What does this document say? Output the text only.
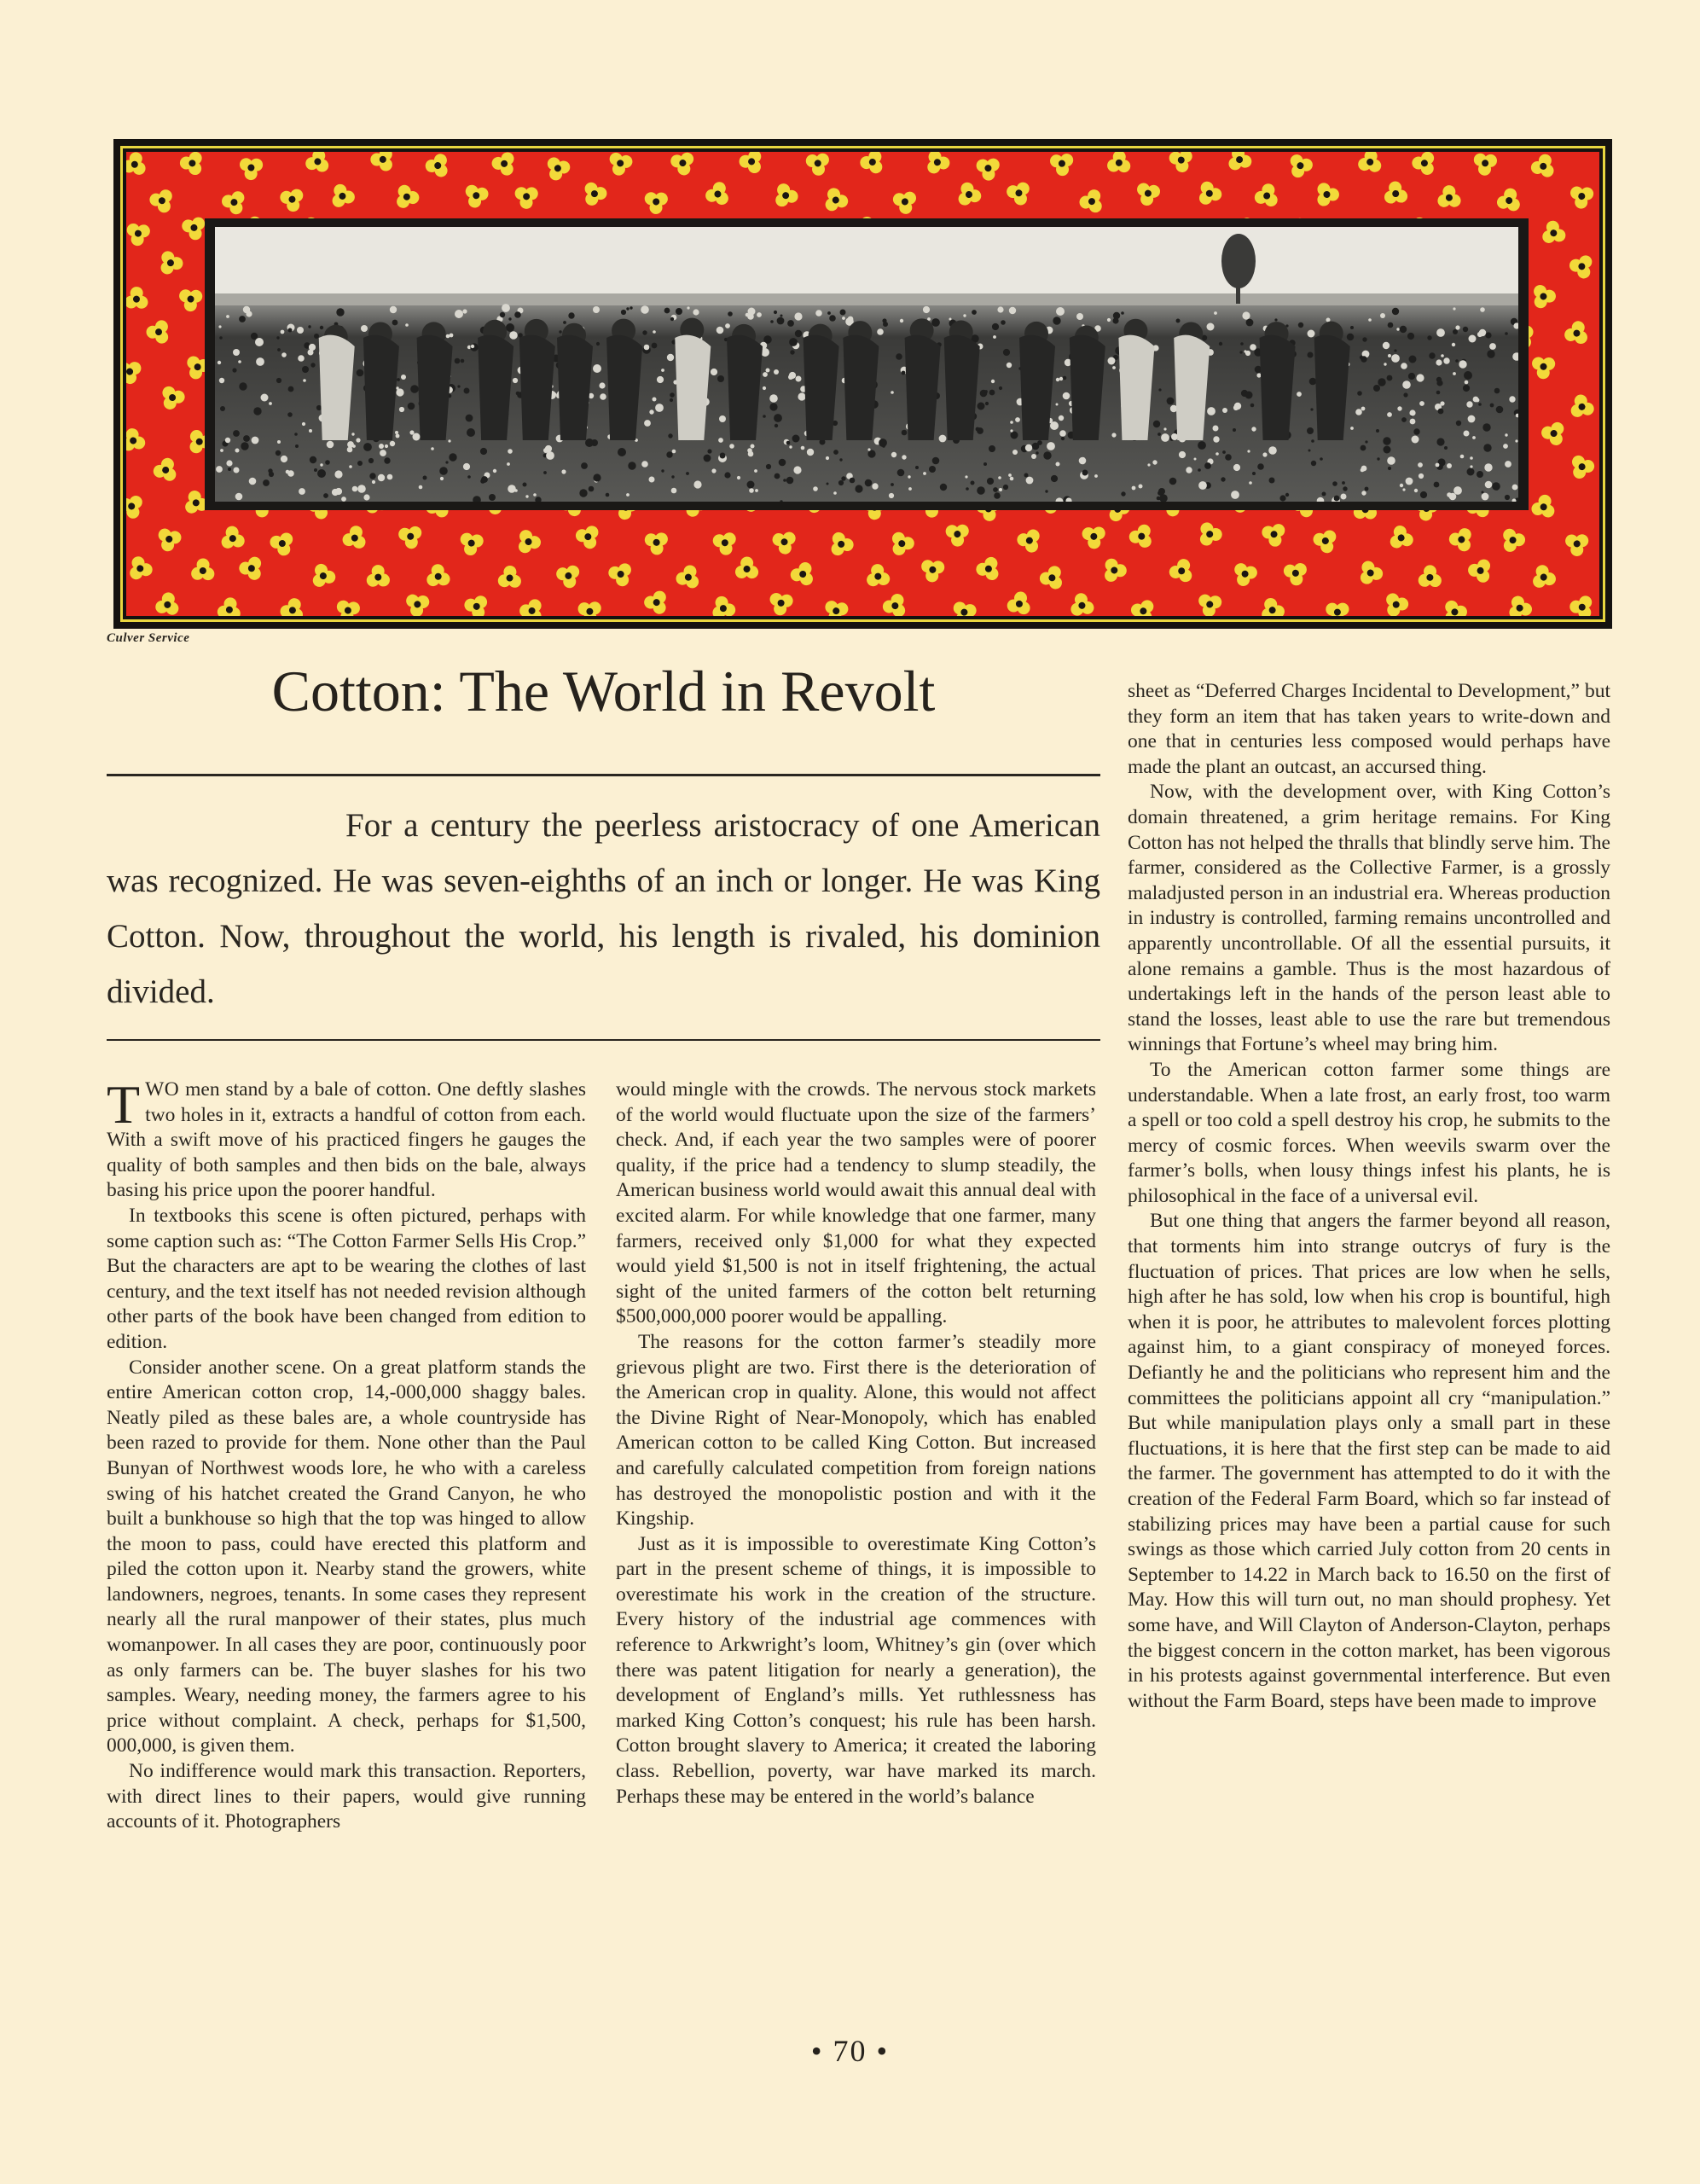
Culver Service
Cotton: The World in Revolt

For a century the peerless aristocracy of one American was recognized. He was seven-eighths of an inch or longer. He was King Cotton. Now, throughout the world, his length is rivaled, his dominion divided.

TWO men stand by a bale of cotton. One deftly slashes two holes in it, extracts a handful of cotton from each. With a swift move of his practiced fingers he gauges the quality of both samples and then bids on the bale, always basing his price upon the poorer handful.

In textbooks this scene is often pictured, perhaps with some caption such as: “The Cotton Farmer Sells His Crop.” But the characters are apt to be wearing the clothes of last century, and the text itself has not needed revision although other parts of the book have been changed from edition to edition.

Consider another scene. On a great platform stands the entire American cotton crop, 14,-000,000 shaggy bales. Neatly piled as these bales are, a whole countryside has been razed to provide for them. None other than the Paul Bunyan of Northwest woods lore, he who with a careless swing of his hatchet created the Grand Canyon, he who built a bunkhouse so high that the top was hinged to allow the moon to pass, could have erected this platform and piled the cotton upon it. Nearby stand the growers, white landowners, negroes, tenants. In some cases they represent nearly all the rural manpower of their states, plus much womanpower. In all cases they are poor, continuously poor as only farmers can be. The buyer slashes for his two samples. Weary, needing money, the farmers agree to his price without complaint. A check, perhaps for $1,500, 000,000, is given them.

No indifference would mark this transaction. Reporters, with direct lines to their papers, would give running accounts of it. Photographers

would mingle with the crowds. The nervous stock markets of the world would fluctuate upon the size of the farmers’ check. And, if each year the two samples were of poorer quality, if the price had a tendency to slump steadily, the American business world would await this annual deal with excited alarm. For while knowledge that one farmer, many farmers, received only $1,000 for what they expected would yield $1,500 is not in itself frightening, the actual sight of the united farmers of the cotton belt returning $500,000,000 poorer would be appalling.

The reasons for the cotton farmer’s steadily more grievous plight are two. First there is the deterioration of the American crop in quality. Alone, this would not affect the Divine Right of Near-Monopoly, which has enabled American cotton to be called King Cotton. But increased and carefully calculated competition from foreign nations has destroyed the monopolistic postion and with it the Kingship.

Just as it is impossible to overestimate King Cotton’s part in the present scheme of things, it is impossible to overestimate his work in the creation of the structure. Every history of the industrial age commences with reference to Arkwright’s loom, Whitney’s gin (over which there was patent litigation for nearly a generation), the development of England’s mills. Yet ruthlessness has marked King Cotton’s conquest; his rule has been harsh. Cotton brought slavery to America; it created the laboring class. Rebellion, poverty, war have marked its march. Perhaps these may be entered in the world’s balance

sheet as “Deferred Charges Incidental to Development,” but they form an item that has taken years to write-down and one that in centuries less composed would perhaps have made the plant an outcast, an accursed thing.

Now, with the development over, with King Cotton’s domain threatened, a grim heritage remains. For King Cotton has not helped the thralls that blindly serve him. The farmer, considered as the Collective Farmer, is a grossly maladjusted person in an industrial era. Whereas production in industry is controlled, farming remains uncontrolled and apparently uncontrollable. Of all the essential pursuits, it alone remains a gamble. Thus is the most hazardous of undertakings left in the hands of the person least able to stand the losses, least able to use the rare but tremendous winnings that Fortune’s wheel may bring him.

To the American cotton farmer some things are understandable. When a late frost, an early frost, too warm a spell or too cold a spell destroy his crop, he submits to the mercy of cosmic forces. When weevils swarm over the farmer’s bolls, when lousy things infest his plants, he is philosophical in the face of a universal evil.

But one thing that angers the farmer beyond all reason, that torments him into strange outcrys of fury is the fluctuation of prices. That prices are low when he sells, high after he has sold, low when his crop is bountiful, high when it is poor, he attributes to malevolent forces plotting against him, to a giant conspiracy of moneyed forces. Defiantly he and the politicians who represent him and the committees the politicians appoint all cry “manipulation.” But while manipulation plays only a small part in these fluctuations, it is here that the first step can be made to aid the farmer. The government has attempted to do it with the creation of the Federal Farm Board, which so far instead of stabilizing prices may have been a partial cause for such swings as those which carried July cotton from 20 cents in September to 14.22 in March back to 16.50 on the first of May. How this will turn out, no man should prophesy. Yet some have, and Will Clayton of Anderson-Clayton, perhaps the biggest concern in the cotton market, has been vigorous in his protests against governmental interference. But even without the Farm Board, steps have been made to improve

• 70 •
